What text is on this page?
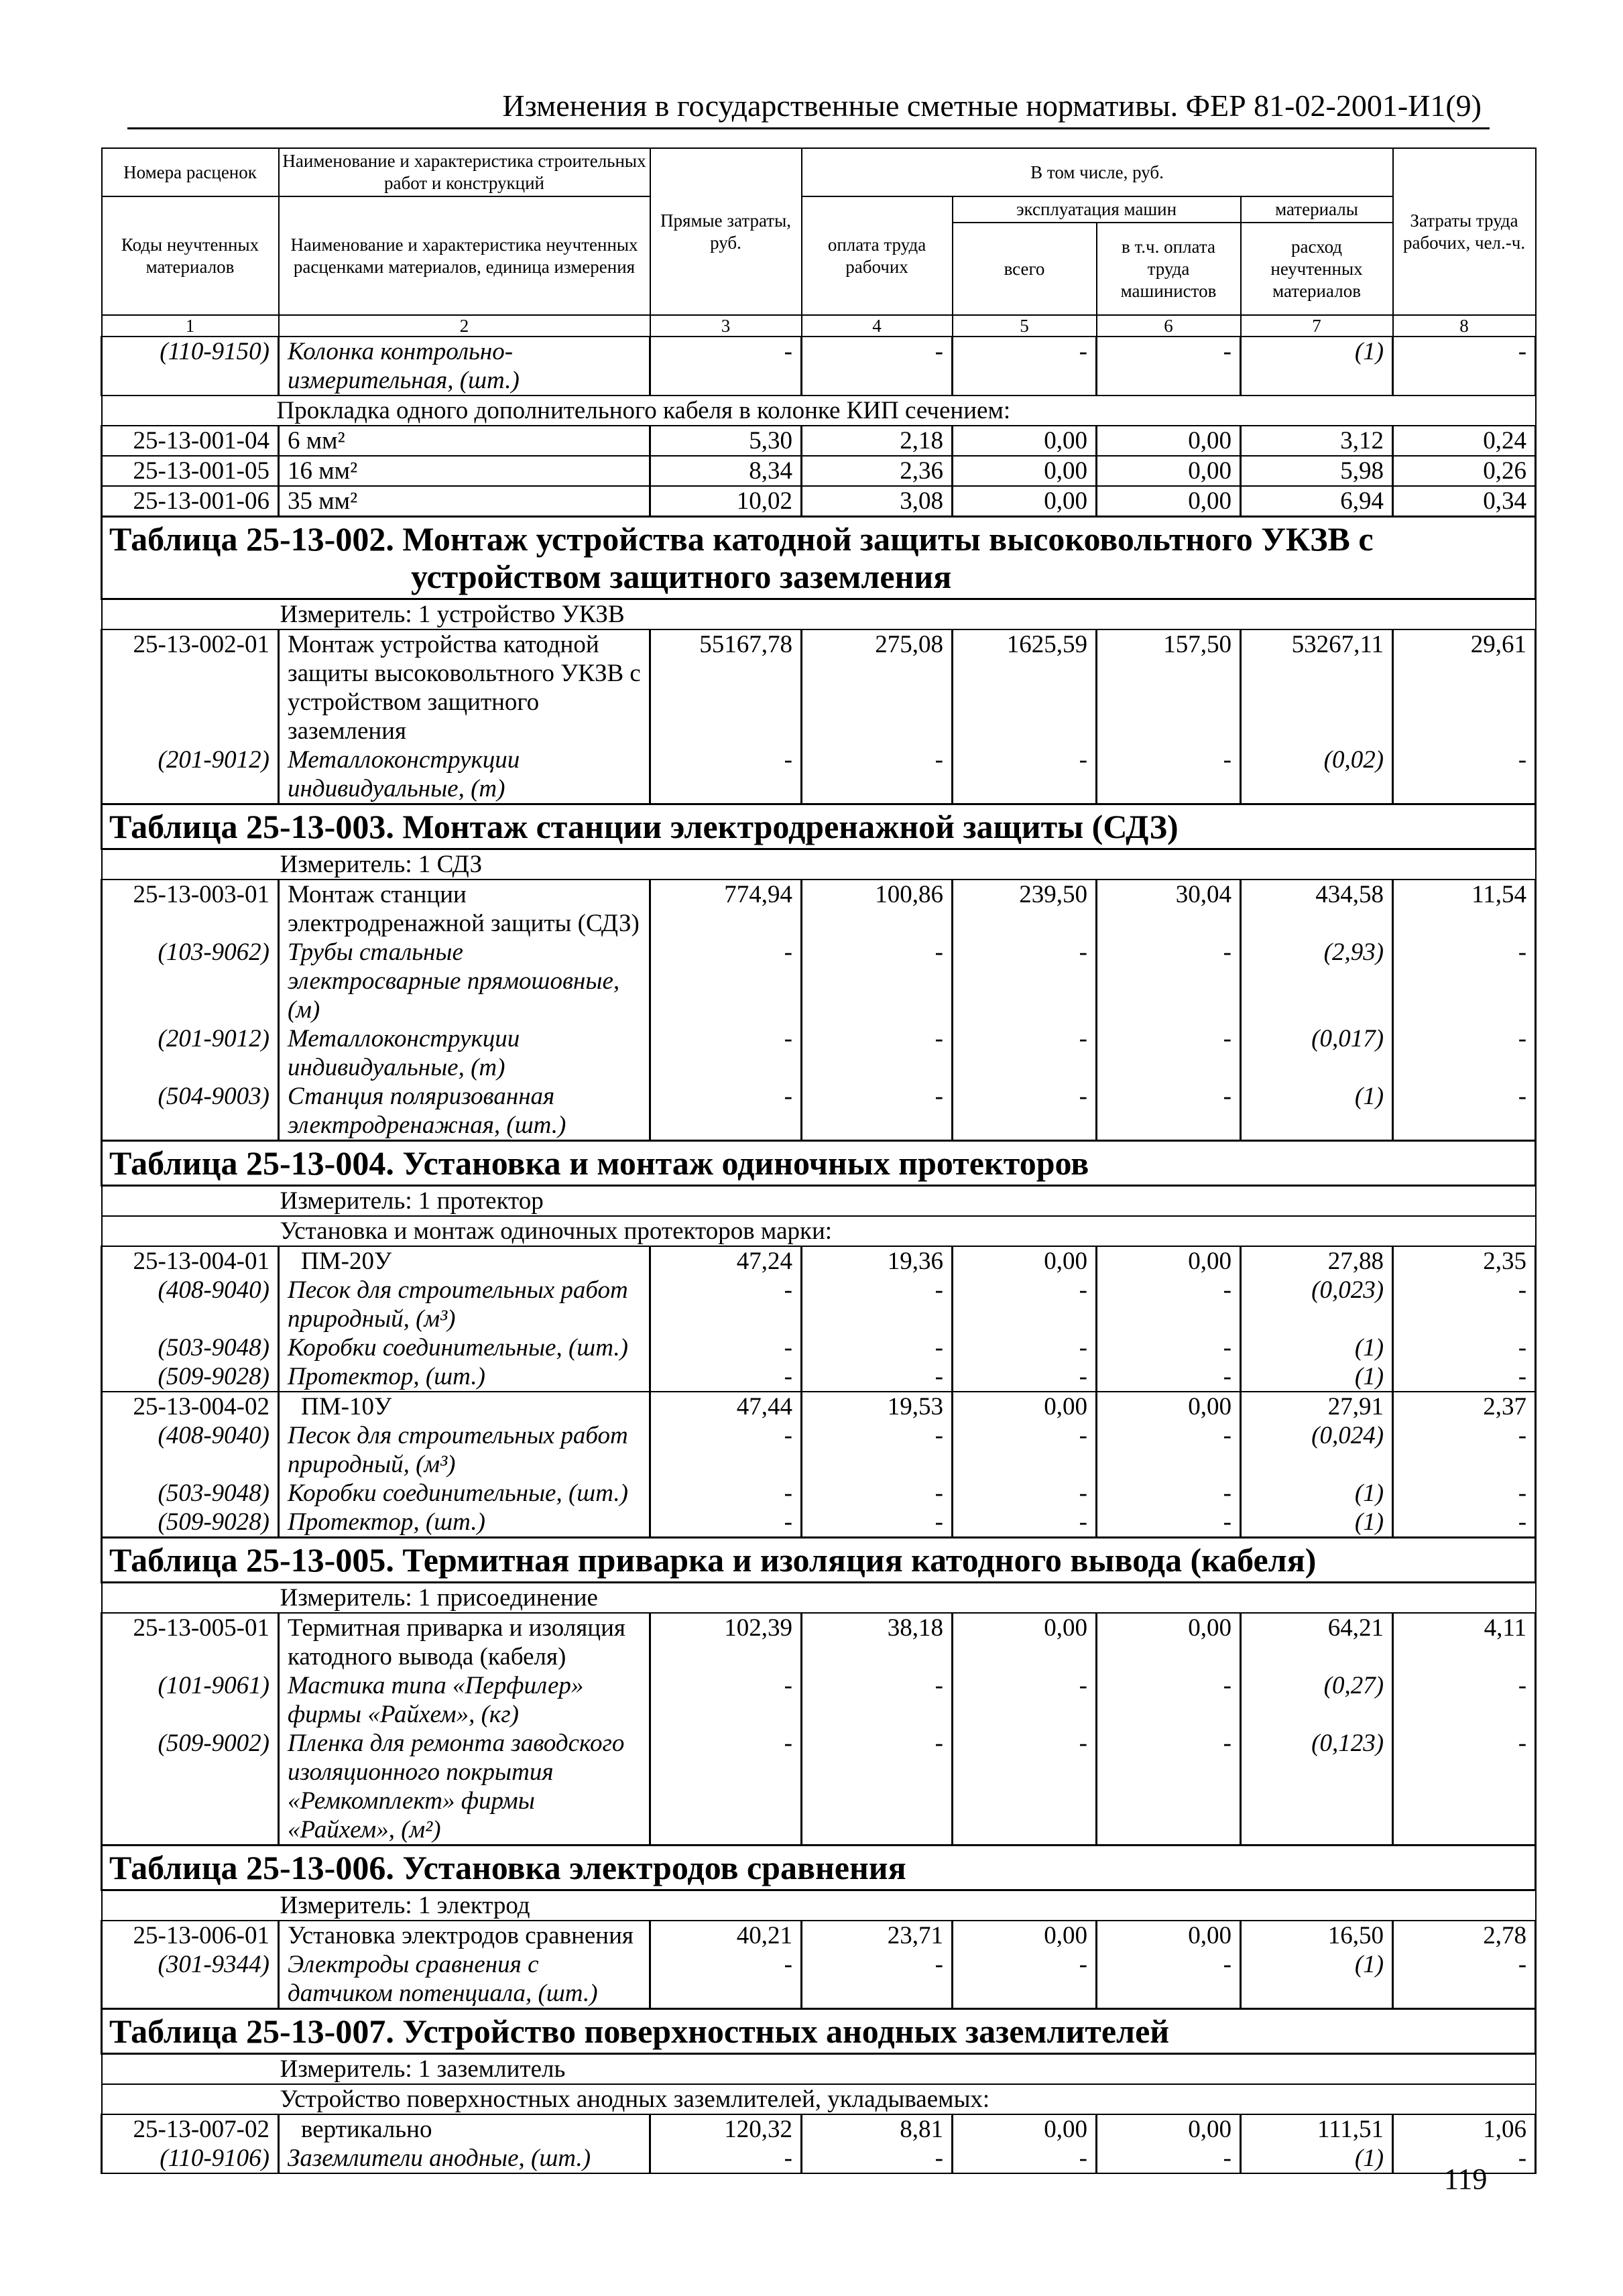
Изменения в государственные сметные нормативы. ФЕР 81-02-2001-И1(9)
Номера расценок	Наименование и характеристика строительных работ и конструкций	Прямые затраты, руб.	В том числе, руб.				Затраты труда рабочих, чел.-ч.
Коды неучтенных материалов	Наименование и характеристика неучтенных расценками материалов, единица измерения		оплата труда рабочих	эксплуатация машин		материалы	
				всего	в т.ч. оплата труда машинистов	расход неучтенных материалов	
1	2	3	4	5	6	7	8
(110-9150)	Колонка контрольно-измерительная, (шт.)	-	-	-	-	(1)	-
Прокладка одного дополнительного кабеля в колонке КИП сечением:							
25-13-001-04	6 мм²	5,30	2,18	0,00	0,00	3,12	0,24
25-13-001-05	16 мм²	8,34	2,36	0,00	0,00	5,98	0,26
25-13-001-06	35 мм²	10,02	3,08	0,00	0,00	6,94	0,34
Таблица 25-13-002. Монтаж устройства катодной защиты высоковольтного УКЗВ с
устройством защитного заземления							

Измеритель: 1 устройство УКЗВ							
25-13-002-01	Монтаж устройства катодной защиты высоковольтного УКЗВ с устройством защитного заземления	55167,78	275,08	1625,59	157,50	53267,11	29,61
(201-9012)	Металлоконструкции индивидуальные, (т)	-	-	-	-	(0,02)	-
Таблица 25-13-003. Монтаж станции электродренажной защиты (СДЗ)							
Измеритель: 1 СДЗ							
25-13-003-01	Монтаж станции электродренажной защиты (СДЗ)	774,94	100,86	239,50	30,04	434,58	11,54
(103-9062)	Трубы стальные электросварные прямошовные, (м)	-	-	-	-	(2,93)	-
(201-9012)	Металлоконструкции индивидуальные, (т)	-	-	-	-	(0,017)	-
(504-9003)	Станция поляризованная электродренажная, (шт.)	-	-	-	-	(1)	-
Таблица 25-13-004. Установка и монтаж одиночных протекторов							
Измеритель: 1 протектор							
Установка и монтаж одиночных протекторов марки:							
25-13-004-01	ПМ-20У	47,24	19,36	0,00	0,00	27,88	2,35
(408-9040)	Песок для строительных работ природный, (м³)	-	-	-	-	(0,023)	-
(503-9048)	Коробки соединительные, (шт.)	-	-	-	-	(1)	-
(509-9028)	Протектор, (шт.)	-	-	-	-	(1)	-
25-13-004-02	ПМ-10У	47,44	19,53	0,00	0,00	27,91	2,37
(408-9040)	Песок для строительных работ природный, (м³)	-	-	-	-	(0,024)	-
(503-9048)	Коробки соединительные, (шт.)	-	-	-	-	(1)	-
(509-9028)	Протектор, (шт.)	-	-	-	-	(1)	-
Таблица 25-13-005. Термитная приварка и изоляция катодного вывода (кабеля)							
Измеритель: 1 присоединение							
25-13-005-01	Термитная приварка и изоляция катодного вывода (кабеля)	102,39	38,18	0,00	0,00	64,21	4,11
(101-9061)	Мастика типа «Перфилер» фирмы «Райхем», (кг)	-	-	-	-	(0,27)	-
(509-9002)	Пленка для ремонта заводского изоляционного покрытия «Ремкомплект» фирмы «Райхем», (м²)	-	-	-	-	(0,123)	-
Таблица 25-13-006. Установка электродов сравнения							
Измеритель: 1 электрод							
25-13-006-01	Установка электродов сравнения	40,21	23,71	0,00	0,00	16,50	2,78
(301-9344)	Электроды сравнения с датчиком потенциала, (шт.)	-	-	-	-	(1)	-
Таблица 25-13-007. Устройство поверхностных анодных заземлителей							
Измеритель: 1 заземлитель							
Устройство поверхностных анодных заземлителей, укладываемых:							
25-13-007-02	вертикально	120,32	8,81	0,00	0,00	111,51	1,06
(110-9106)	Заземлители анодные, (шт.)	-	-	-	-	(1)	-
119
